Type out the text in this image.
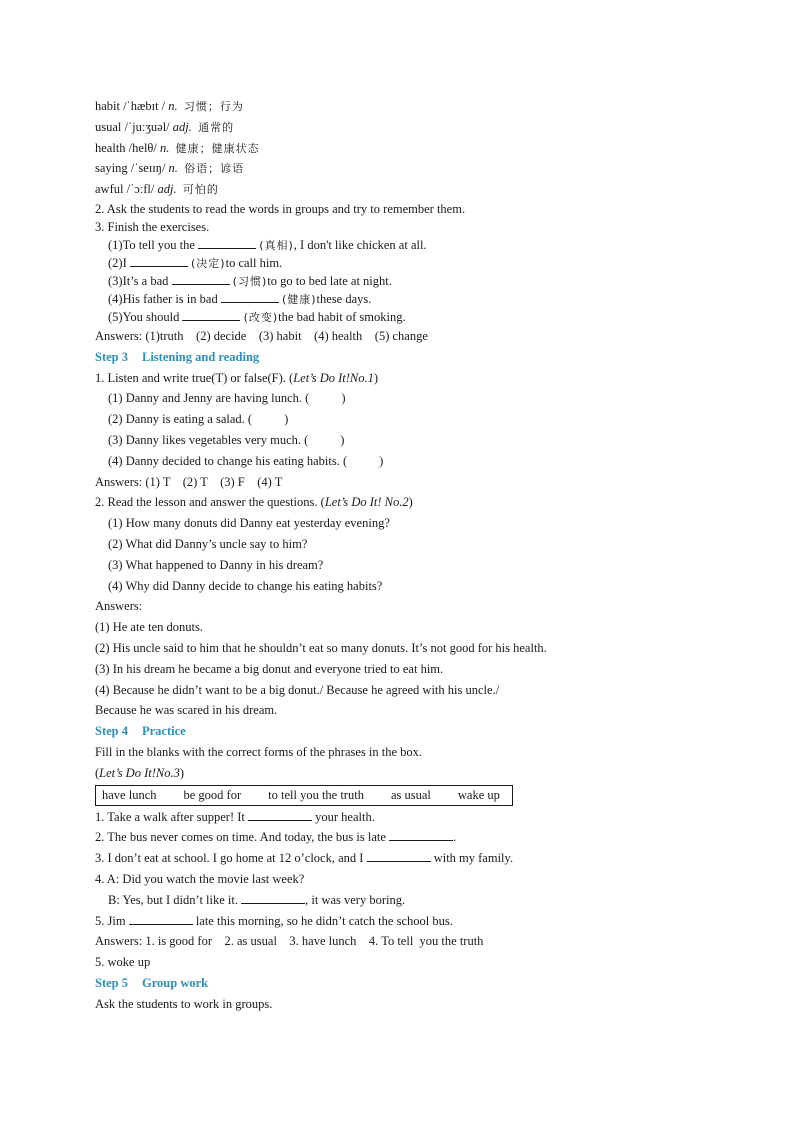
habit /ˈhæbɪt / n. 习惯；行为
usual /ˈjuːʒuəl/ adj. 通常的
health /helθ/ n. 健康；健康状态
saying /ˈseɪɪŋ/ n. 俗语；谚语
awful /ˈɔːfl/ adj. 可怕的
2. Ask the students to read the words in groups and try to remember them.
3. Finish the exercises.
(1)To tell you the	(真相), I don't like chicken at all.
(2)I	(决定)to call him.
(3)It’s a bad	(习惯)to go to bed late at night.
(4)His father is in bad	(健康)these days.
(5)You should	(改变)the bad habit of smoking.
Answers: (1)truth    (2) decide    (3) habit    (4) health    (5) change
Step 3 Listening and reading
1. Listen and write true(T) or false(F). (Let’s Do It!No.1)
(1) Danny and Jenny are having lunch. (	)
(2) Danny is eating a salad. (	)
(3) Danny likes vegetables very much. (	)
(4) Danny decided to change his eating habits. (	)
Answers: (1) T    (2) T    (3) F    (4) T
2. Read the lesson and answer the questions. (Let’s Do It! No.2)
(1) How many donuts did Danny eat yesterday evening?
(2) What did Danny’s uncle say to him?
(3) What happened to Danny in his dream?
(4) Why did Danny decide to change his eating habits?
Answers:
(1) He ate ten donuts.
(2) His uncle said to him that he shouldn’t eat so many donuts. It’s not good for his health.
(3) In his dream he became a big donut and everyone tried to eat him.
(4) Because he didn’t want to be a big donut./ Because he agreed with his uncle./
Because he was scared in his dream.
Step 4 Practice
Fill in the blanks with the correct forms of the phrases in the box.
(Let’s Do It!No.3)
have lunch be good for to tell you the truth as usual wake up
1. Take a walk after supper! It	your health.
2. The bus never comes on time. And today, the bus is late	.
3. I don’t eat at school. I go home at 12 o’clock, and I	with my family.
4. A: Did you watch the movie last week?
B: Yes, but I didn’t like it.	, it was very boring.
5. Jim	late this morning, so he didn’t catch the school bus.
Answers: 1. is good for    2. as usual    3. have lunch    4. To tell  you the truth
5. woke up
Step 5 Group work
Ask the students to work in groups.
